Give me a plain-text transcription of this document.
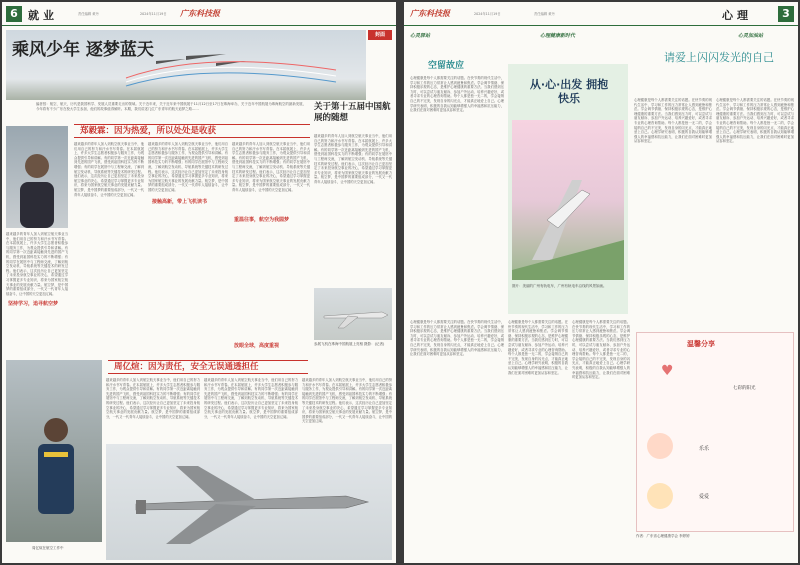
6 就业	责任编辑 黄丹	2024年11月19日 广东科技报
封面
乘风少年 逐梦蓝天
编者按：航空、航天，历代是我国科学、发展人员重要走出的领域。关于近年来，关于近年来中国航展于11月12日至17日在珠海举办，关于近年中国航展为珠海航空的最新发展，今年将有不少广东在校大学生参加，他们的故事值得倾听。本期，我们讲述几位广东青年的航天追梦之路……	关于第十五届中国航展的随想
郑毅霖：因为热爱，所以处处是收获
越来越多的青年人加入到航空航天事业当中，他们用自己的努力和汗水书写青春。在本届航展上，许多大学生志愿者积极参与服务工作，为观众提供引导和讲解。有的同学第一次近距离接触到先进的国产飞机，感受到祖国科技实力的不断增强；有的同学在展馆中与工程师交流，了解到航空发动机、导航系统等关键技术的研发过程。他们表示，这次经历让自己更加坚定了未来投身航空事业的决心，希望通过学习掌握更多专业知识，将来为国家航空航天事业的发展贡献力量。航空梦，是中国梦的重要组成部分，一代又一代青年人接续奋斗，让中国的天空更加辽阔。
坚持学习，追寻航空梦
越来越多的青年人加入到航空航天事业当中，他们用自己的努力和汗水书写青春。在本届航展上，许多大学生志愿者积极参与服务工作，为观众提供引导和讲解。有的同学第一次近距离接触到先进的国产飞机，感受到祖国科技实力的不断增强；有的同学在展馆中与工程师交流，了解到航空发动机、导航系统等关键技术的研发过程。他们表示，这次经历让自己更加坚定了未来投身航空事业的决心，希望通过学习掌握更多专业知识，将来为国家航空航天事业的发展贡献力量。航空梦，是中国梦的重要组成部分，一代又一代青年人接续奋斗，让中国的天空更加辽阔。
接触高新，带上飞机读书
越来越多的青年人加入到航空航天事业当中，他们用自己的努力和汗水书写青春。在本届航展上，许多大学生志愿者积极参与服务工作，为观众提供引导和讲解。有的同学第一次近距离接触到先进的国产飞机，感受到祖国科技实力的不断增强；有的同学在展馆中与工程师交流，了解到航空发动机、导航系统等关键技术的研发过程。他们表示，这次经历让自己更加坚定了未来投身航空事业的决心，希望通过学习掌握更多专业知识，将来为国家航空航天事业的发展贡献力量。航空梦，是中国梦的重要组成部分，一代又一代青年人接续奋斗，让中国的天空更加辽阔。
重温往事，航空为我圆梦
越来越多的青年人加入到航空航天事业当中，他们用自己的努力和汗水书写青春。在本届航展上，许多大学生志愿者积极参与服务工作，为观众提供引导和讲解。有的同学第一次近距离接触到先进的国产飞机，感受到祖国科技实力的不断增强；有的同学在展馆中与工程师交流，了解到航空发动机、导航系统等关键技术的研发过程。他们表示，这次经历让自己更加坚定了未来投身航空事业的决心，希望通过学习掌握更多专业知识，将来为国家航空航天事业的发展贡献力量。航空梦，是中国梦的重要组成部分，一代又一代青年人接续奋斗，让中国的天空更加辽阔。
放眼全球，高度重视
越来越多的青年人加入到航空航天事业当中，他们用自己的努力和汗水书写青春。在本届航展上，许多大学生志愿者积极参与服务工作，为观众提供引导和讲解。有的同学第一次近距离接触到先进的国产飞机，感受到祖国科技实力的不断增强；有的同学在展馆中与工程师交流，了解到航空发动机、导航系统等关键技术的研发过程。他们表示，这次经历让自己更加坚定了未来投身航空事业的决心，希望通过学习掌握更多专业知识，将来为国家航空航天事业的发展贡献力量。航空梦，是中国梦的重要组成部分，一代又一代青年人接续奋斗，让中国的天空更加辽阔。
参展飞机在珠海中国航展上亮相 摄影：(记者)
周亿煊：因为责任，安全无误通透担任
周亿煊在航空工作中
越来越多的青年人加入到航空航天事业当中，他们用自己的努力和汗水书写青春。在本届航展上，许多大学生志愿者积极参与服务工作，为观众提供引导和讲解。有的同学第一次近距离接触到先进的国产飞机，感受到祖国科技实力的不断增强；有的同学在展馆中与工程师交流，了解到航空发动机、导航系统等关键技术的研发过程。他们表示，这次经历让自己更加坚定了未来投身航空事业的决心，希望通过学习掌握更多专业知识，将来为国家航空航天事业的发展贡献力量。航空梦，是中国梦的重要组成部分，一代又一代青年人接续奋斗，让中国的天空更加辽阔。
越来越多的青年人加入到航空航天事业当中，他们用自己的努力和汗水书写青春。在本届航展上，许多大学生志愿者积极参与服务工作，为观众提供引导和讲解。有的同学第一次近距离接触到先进的国产飞机，感受到祖国科技实力的不断增强；有的同学在展馆中与工程师交流，了解到航空发动机、导航系统等关键技术的研发过程。他们表示，这次经历让自己更加坚定了未来投身航空事业的决心，希望通过学习掌握更多专业知识，将来为国家航空航天事业的发展贡献力量。航空梦，是中国梦的重要组成部分，一代又一代青年人接续奋斗，让中国的天空更加辽阔。
越来越多的青年人加入到航空航天事业当中，他们用自己的努力和汗水书写青春。在本届航展上，许多大学生志愿者积极参与服务工作，为观众提供引导和讲解。有的同学第一次近距离接触到先进的国产飞机，感受到祖国科技实力的不断增强；有的同学在展馆中与工程师交流，了解到航空发动机、导航系统等关键技术的研发过程。他们表示，这次经历让自己更加坚定了未来投身航空事业的决心，希望通过学习掌握更多专业知识，将来为国家航空航天事业的发展贡献力量。航空梦，是中国梦的重要组成部分，一代又一代青年人接续奋斗，让中国的天空更加辽阔。
广东科技报	2024年11月19日	责任编辑 黄丹	心理	3
心灵驿站	心理健康新时代	心灵加油站
空留故应
心理健康是每个人都需要关注的话题。在快节奏的现代生活中，学习和工作的压力常常让人感到疲惫和焦虑。学会调节情绪、保持积极乐观的心态，是维护心理健康的重要方法。当我们感到压力时，可以尝试与朋友倾诉、参加户外运动、培养兴趣爱好，或者寻求专业的心理咨询帮助。每个人都是独一无二的，学会接纳自己的不完美，发现自身的闪光点，才能真正地爱上自己。心理学研究表明，积极的自我认知能够增强人的幸福感和抗压能力，让我们在面对困难时更加从容和坚定。
从·心·出发 拥抱快乐
图片：美丽的广州有轨电车，广州有轨电车沿线的风景如画。
心理健康是每个人都需要关注的话题。在快节奏的现代生活中，学习和工作的压力常常让人感到疲惫和焦虑。学会调节情绪、保持积极乐观的心态，是维护心理健康的重要方法。当我们感到压力时，可以尝试与朋友倾诉、参加户外运动、培养兴趣爱好，或者寻求专业的心理咨询帮助。每个人都是独一无二的，学会接纳自己的不完美，发现自身的闪光点，才能真正地爱上自己。心理学研究表明，积极的自我认知能够增强人的幸福感和抗压能力，让我们在面对困难时更加从容和坚定。
心理健康是每个人都需要关注的话题。在快节奏的现代生活中，学习和工作的压力常常让人感到疲惫和焦虑。学会调节情绪、保持积极乐观的心态，是维护心理健康的重要方法。当我们感到压力时，可以尝试与朋友倾诉、参加户外运动、培养兴趣爱好，或者寻求专业的心理咨询帮助。每个人都是独一无二的，学会接纳自己的不完美，发现自身的闪光点，才能真正地爱上自己。心理学研究表明，积极的自我认知能够增强人的幸福感和抗压能力，让我们在面对困难时更加从容和坚定。
心理健康是每个人都需要关注的话题。在快节奏的现代生活中，学习和工作的压力常常让人感到疲惫和焦虑。学会调节情绪、保持积极乐观的心态，是维护心理健康的重要方法。当我们感到压力时，可以尝试与朋友倾诉、参加户外运动、培养兴趣爱好，或者寻求专业的心理咨询帮助。每个人都是独一无二的，学会接纳自己的不完美，发现自身的闪光点，才能真正地爱上自己。心理学研究表明，积极的自我认知能够增强人的幸福感和抗压能力，让我们在面对困难时更加从容和坚定。
请爱上闪闪发光的自己
心理健康是每个人都需要关注的话题。在快节奏的现代生活中，学习和工作的压力常常让人感到疲惫和焦虑。学会调节情绪、保持积极乐观的心态，是维护心理健康的重要方法。当我们感到压力时，可以尝试与朋友倾诉、参加户外运动、培养兴趣爱好，或者寻求专业的心理咨询帮助。每个人都是独一无二的，学会接纳自己的不完美，发现自身的闪光点，才能真正地爱上自己。心理学研究表明，积极的自我认知能够增强人的幸福感和抗压能力，让我们在面对困难时更加从容和坚定。
心理健康是每个人都需要关注的话题。在快节奏的现代生活中，学习和工作的压力常常让人感到疲惫和焦虑。学会调节情绪、保持积极乐观的心态，是维护心理健康的重要方法。当我们感到压力时，可以尝试与朋友倾诉、参加户外运动、培养兴趣爱好，或者寻求专业的心理咨询帮助。每个人都是独一无二的，学会接纳自己的不完美，发现自身的闪光点，才能真正地爱上自己。心理学研究表明，积极的自我认知能够增强人的幸福感和抗压能力，让我们在面对困难时更加从容和坚定。
温馨分享
乐乐
爱爱
七彩的阳光
♥
作者：广东省心理健康学会 李婷婷
